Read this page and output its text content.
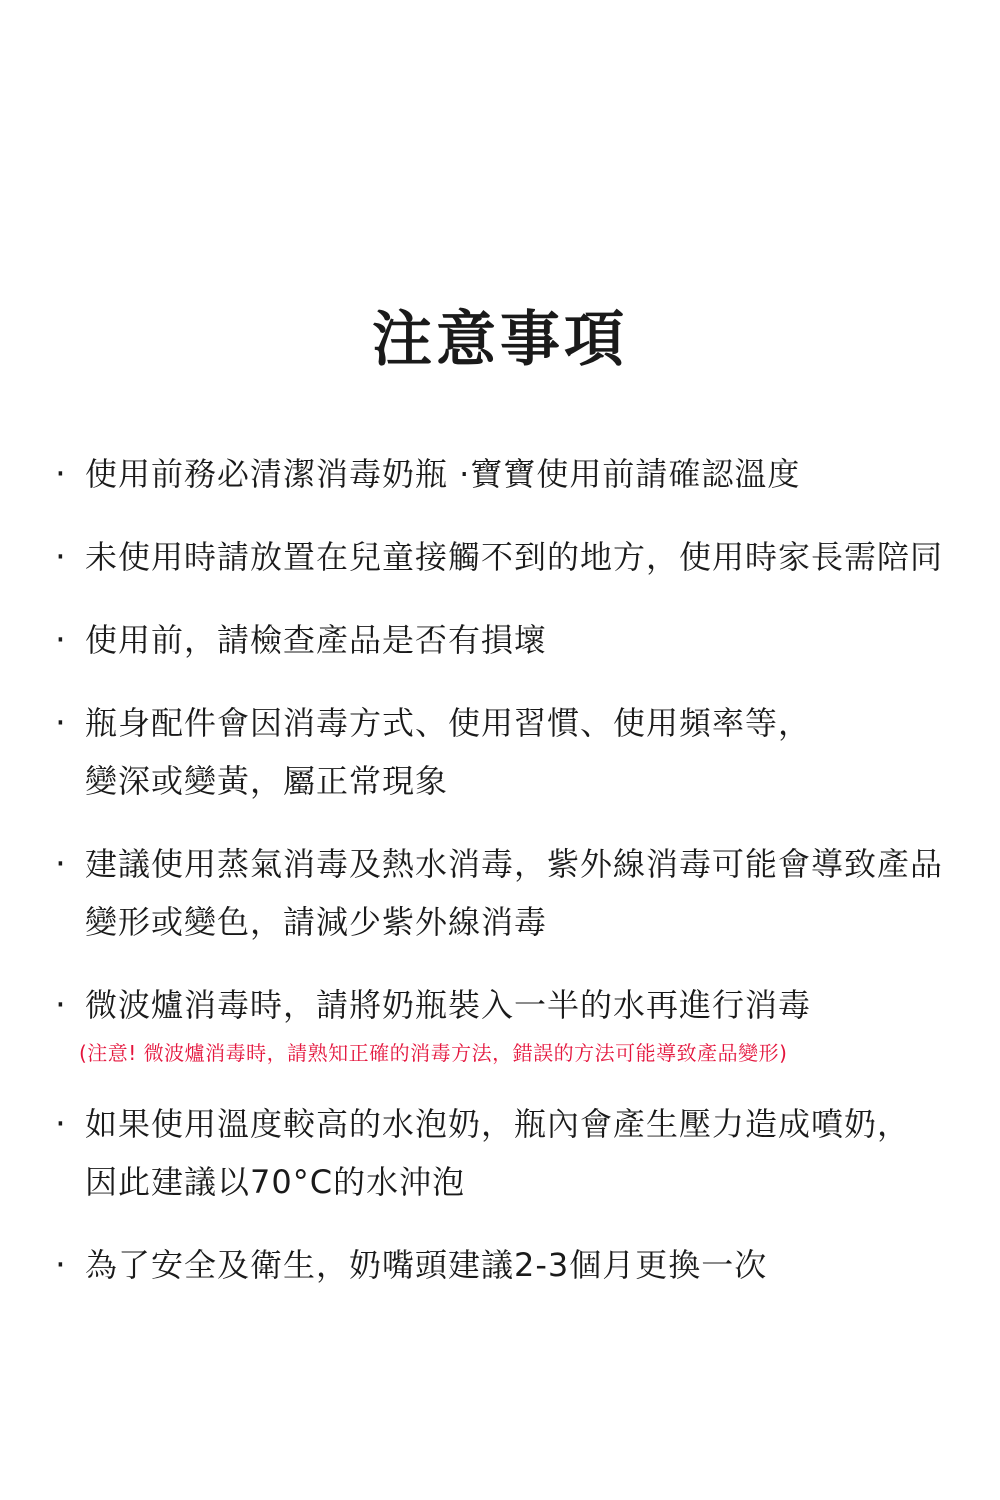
注意事項
· 使用前務必清潔消毒奶瓶 ·寶寶使用前請確認溫度
· 未使用時請放置在兒童接觸不到的地方，使用時家長需陪同
· 使用前，請檢查產品是否有損壞
· 瓶身配件會因消毒方式、使用習慣、使用頻率等，
變深或變黃，屬正常現象
· 建議使用蒸氣消毒及熱水消毒，紫外線消毒可能會導致產品
變形或變色，請減少紫外線消毒
· 微波爐消毒時，請將奶瓶裝入一半的水再進行消毒
(注意! 微波爐消毒時，請熟知正確的消毒方法，錯誤的方法可能導致產品變形)
· 如果使用溫度較高的水泡奶，瓶內會產生壓力造成噴奶，
因此建議以70°C的水沖泡
· 為了安全及衛生，奶嘴頭建議2-3個月更換一次
